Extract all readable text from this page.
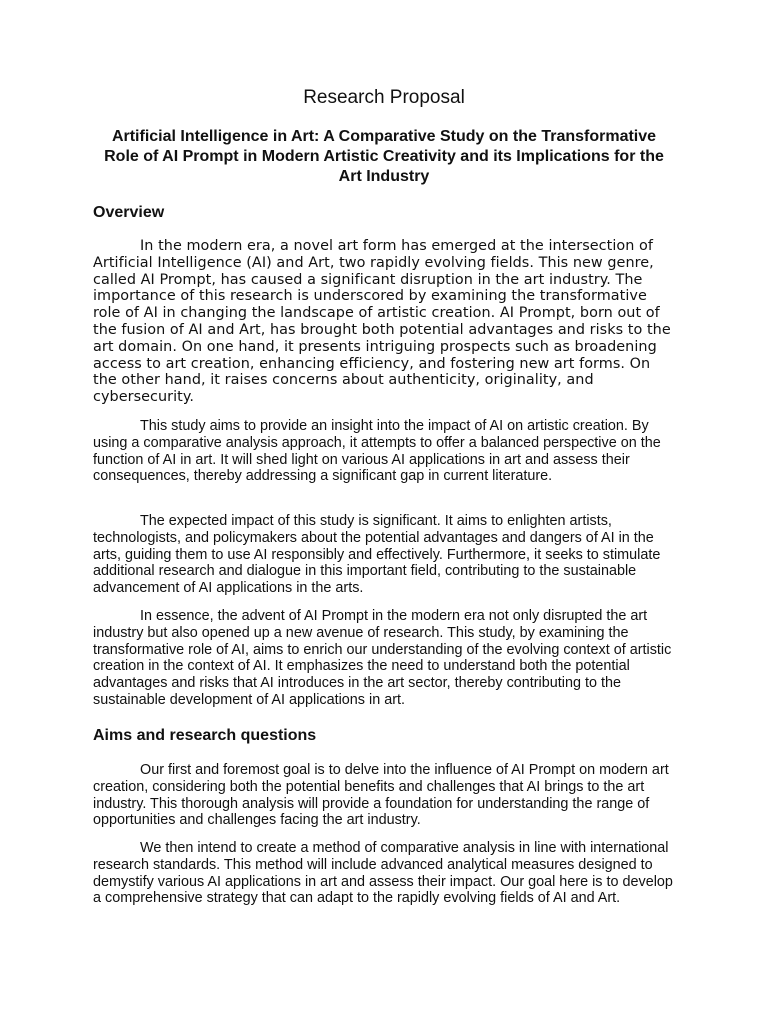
Research Proposal
Artificial Intelligence in Art: A Comparative Study on the Transformative Role of AI Prompt in Modern Artistic Creativity and its Implications for the Art Industry
Overview

In the modern era, a novel art form has emerged at the intersection of Artificial Intelligence (AI) and Art, two rapidly evolving fields. This new genre, called AI Prompt, has caused a significant disruption in the art industry. The importance of this research is underscored by examining the transformative role of AI in changing the landscape of artistic creation. AI Prompt, born out of the fusion of AI and Art, has brought both potential advantages and risks to the art domain. On one hand, it presents intriguing prospects such as broadening access to art creation, enhancing efficiency, and fostering new art forms. On the other hand, it raises concerns about authenticity, originality, and cybersecurity.

This study aims to provide an insight into the impact of AI on artistic creation. By using a comparative analysis approach, it attempts to offer a balanced perspective on the function of AI in art. It will shed light on various AI applications in art and assess their consequences, thereby addressing a significant gap in current literature.

The expected impact of this study is significant. It aims to enlighten artists, technologists, and policymakers about the potential advantages and dangers of AI in the arts, guiding them to use AI responsibly and effectively. Furthermore, it seeks to stimulate additional research and dialogue in this important field, contributing to the sustainable advancement of AI applications in the arts.

In essence, the advent of AI Prompt in the modern era not only disrupted the art industry but also opened up a new avenue of research. This study, by examining the transformative role of AI, aims to enrich our understanding of the evolving context of artistic creation in the context of AI. It emphasizes the need to understand both the potential advantages and risks that AI introduces in the art sector, thereby contributing to the sustainable development of AI applications in art.

Aims and research questions

Our first and foremost goal is to delve into the influence of AI Prompt on modern art creation, considering both the potential benefits and challenges that AI brings to the art industry. This thorough analysis will provide a foundation for understanding the range of opportunities and challenges facing the art industry.

We then intend to create a method of comparative analysis in line with international research standards. This method will include advanced analytical measures designed to demystify various AI applications in art and assess their impact. Our goal here is to develop a comprehensive strategy that can adapt to the rapidly evolving fields of AI and Art.
